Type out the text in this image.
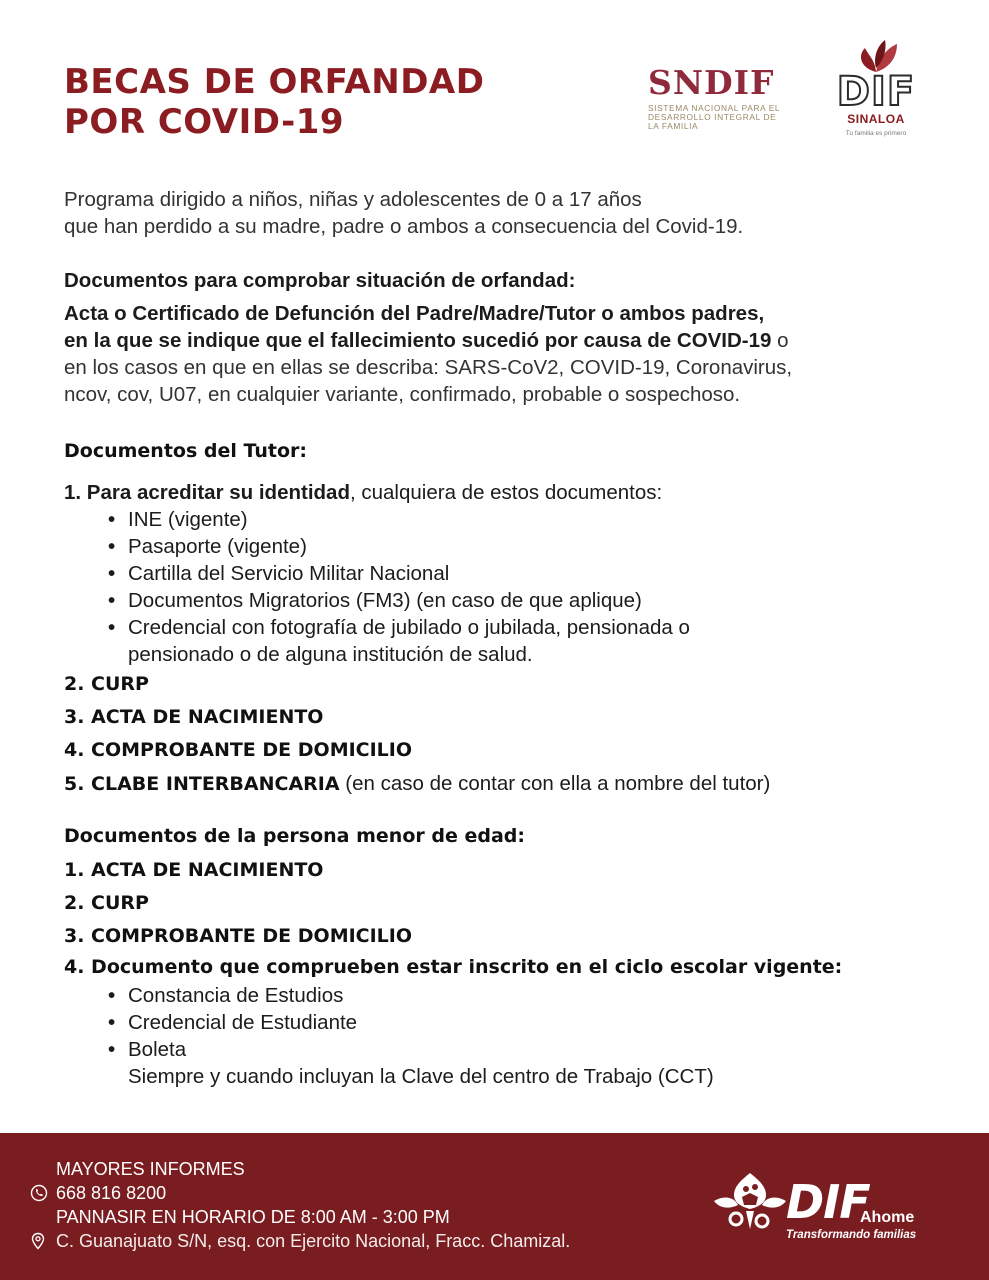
BECAS DE ORFANDAD
POR COVID-19
SNDIF
SISTEMA NACIONAL PARA EL DESARROLLO INTEGRAL DE LA FAMILIA
DIF
SINALOA
Tu familia es primero

Programa dirigido a niños, niñas y adolescentes de 0 a 17 años

que han perdido a su madre, padre o ambos a consecuencia del Covid-19.

Documentos para comprobar situación de orfandad:

Acta o Certificado de Defunción del Padre/Madre/Tutor o ambos padres,

en la que se indique que el fallecimiento sucedió por causa de COVID-19 o

en los casos en que en ellas se describa: SARS-CoV2, COVID-19, Coronavirus,

ncov, cov, U07, en cualquier variante, confirmado, probable o sospechoso.

Documentos del Tutor:

1. Para acreditar su identidad, cualquiera de estos documentos:

• INE (vigente)
• Pasaporte (vigente)
• Cartilla del Servicio Militar Nacional
• Documentos Migratorios (FM3) (en caso de que aplique)
• Credencial con fotografía de jubilado o jubilada, pensionada o
pensionado o de alguna institución de salud.

2. CURP

3. ACTA DE NACIMIENTO

4. COMPROBANTE DE DOMICILIO

5. CLABE INTERBANCARIA (en caso de contar con ella a nombre del tutor)

Documentos de la persona menor de edad:

1. ACTA DE NACIMIENTO

2. CURP

3. COMPROBANTE DE DOMICILIO

4. Documento que comprueben estar inscrito en el ciclo escolar vigente:

• Constancia de Estudios
• Credencial de Estudiante
• Boleta
Siempre y cuando incluyan la Clave del centro de Trabajo (CCT)
MAYORES INFORMES
668 816 8200
PANNASIR EN HORARIO DE 8:00 AM - 3:00 PM
C. Guanajuato S/N, esq. con Ejercito Nacional, Fracc. Chamizal.
DIF
Ahome
Transformando familias
